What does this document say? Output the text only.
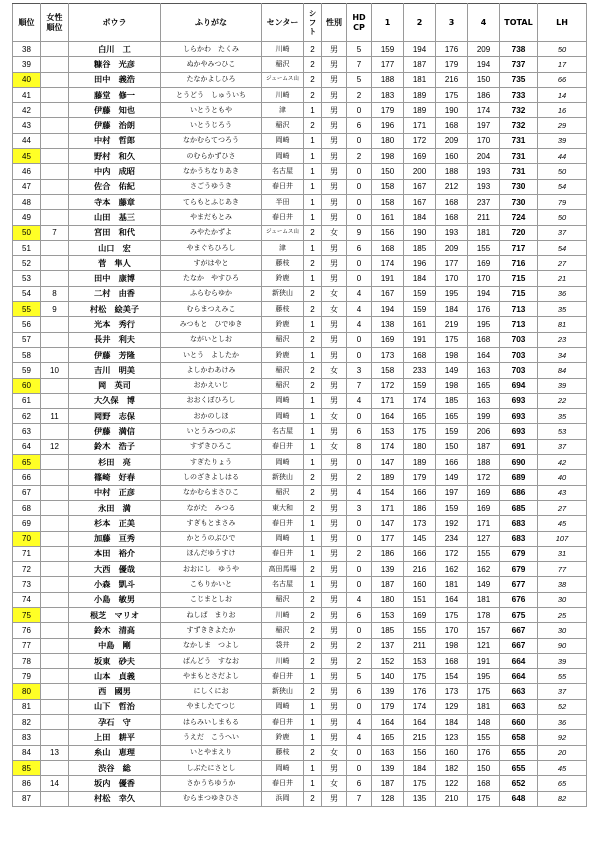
順位	女性順位	ボウラ	ふりがな	センター	シフト	性別	HDCP	1	2	3	4	TOTAL	LH
38		白川　工	しらかわ　たくみ	川崎	2	男	5	159	194	176	209	738	50
39		糠谷　光彦	ぬかやみつひこ	稲沢	2	男	7	177	187	179	194	737	17
40		田中　義浩	たなかよしひろ	ジェームス山	2	男	5	188	181	216	150	735	66
41		藤堂　修一	とうどう　しゅういち	川崎	2	男	2	183	189	175	186	733	14
42		伊藤　知也	いとうともや	津	1	男	0	179	189	190	174	732	16
43		伊藤　治朗	いとうじろう	稲沢	2	男	6	196	171	168	197	732	29
44		中村　哲郎	なかむらてつろう	岡崎	1	男	0	180	172	209	170	731	39
45		野村　和久	のむらかずひさ	岡崎	1	男	2	198	169	160	204	731	44
46		中内　成昭	なかうちなりあき	名古屋	1	男	0	150	200	188	193	731	50
47		佐合　佑紀	さごうゆうき	春日井	1	男	0	158	167	212	193	730	54
48		寺本　藤章	てらもとふじあき	半田	1	男	0	158	167	168	237	730	79
49		山田　基三	やまだもとみ	春日井	1	男	0	161	184	168	211	724	50
50	7	宮田　和代	みやたかずよ	ジェームス山	2	女	9	156	190	193	181	720	37
51		山口　宏	やまぐちひろし	津	1	男	6	168	185	209	155	717	54
52		菅　隼人	すがはやと	藤枝	2	男	0	174	196	177	169	716	27
53		田中　康博	たなか　やすひろ	鈴鹿	1	男	0	191	184	170	170	715	21
54	8	二村　由香	ふらむらゆか	新狭山	2	女	4	167	159	195	194	715	36
55	9	村松　絵美子	むらまつえみこ	藤枝	2	女	4	194	159	184	176	713	35
56		光本　秀行	みつもと　ひでゆき	鈴鹿	1	男	4	138	161	219	195	713	81
57		長井　利夫	ながいとしお	稲沢	2	男	0	169	191	175	168	703	23
58		伊藤　芳隆	いとう　よしたか	鈴鹿	1	男	0	173	168	198	164	703	34
59	10	吉川　明美	よしかわあけみ	稲沢	2	女	3	158	233	149	163	703	84
60		岡　英司	おかえいじ	稲沢	2	男	7	172	159	198	165	694	39
61		大久保　博	おおくぼひろし	岡崎	1	男	4	171	174	185	163	693	22
62	11	岡野　志保	おかのしほ	岡崎	1	女	0	164	165	165	199	693	35
63		伊藤　満信	いとうみつのぶ	名古屋	1	男	6	153	175	159	206	693	53
64	12	鈴木　浩子	すずきひろこ	春日井	1	女	8	174	180	150	187	691	37
65		杉田　亮	すぎたりょう	岡崎	1	男	0	147	189	166	188	690	42
66		篠崎　好春	しのざきよしはる	新狭山	2	男	2	189	179	149	172	689	40
67		中村　正彦	なかむらまさひこ	稲沢	2	男	4	154	166	197	169	686	43
68		永田　満	ながた　みつる	東大和	2	男	3	171	186	159	169	685	27
69		杉本　正美	すぎもとまさみ	春日井	1	男	0	147	173	192	171	683	45
70		加藤　亘秀	かとうのぶひで	岡崎	1	男	0	177	145	234	127	683	107
71		本田　裕介	ほんだゆうすけ	春日井	1	男	2	186	166	172	155	679	31
72		大西　優哉	おおにし　ゆうや	高田馬場	2	男	0	139	216	162	162	679	77
73		小森　凱斗	こもりかいと	名古屋	1	男	0	187	160	181	149	677	38
74		小島　敏男	こじまとしお	稲沢	2	男	4	180	151	164	181	676	30
75		根芝　マリオ	ねしば　まりお	川崎	2	男	6	153	169	175	178	675	25
76		鈴木　清高	すずききよたか	稲沢	2	男	0	185	155	170	157	667	30
77		中島　剛	なかしま　つよし	袋井	2	男	2	137	211	198	121	667	90
78		坂東　砂夫	ばんどう　すなお	川崎	2	男	2	152	153	168	191	664	39
79		山本　貞義	やまもとさだよし	春日井	1	男	5	140	175	154	195	664	55
80		西　國男	にしくにお	新狭山	2	男	6	139	176	173	175	663	37
81		山下　哲治	やましたてつじ	岡崎	1	男	0	179	174	129	181	663	52
82		孕石　守	はらみいしまもる	春日井	1	男	4	164	164	184	148	660	36
83		上田　耕平	うえだ　こうへい	鈴鹿	1	男	4	165	215	123	155	658	92
84	13	糸山　恵理	いとやまえり	藤枝	2	女	0	163	156	160	176	655	20
85		渋谷　総	しぶたにさとし	岡崎	1	男	0	139	184	182	150	655	45
86	14	坂内　優香	さかうちゆうか	春日井	1	女	6	187	175	122	168	652	65
87		村松　幸久	むらまつゆきひさ	浜岡	2	男	7	128	135	210	175	648	82
